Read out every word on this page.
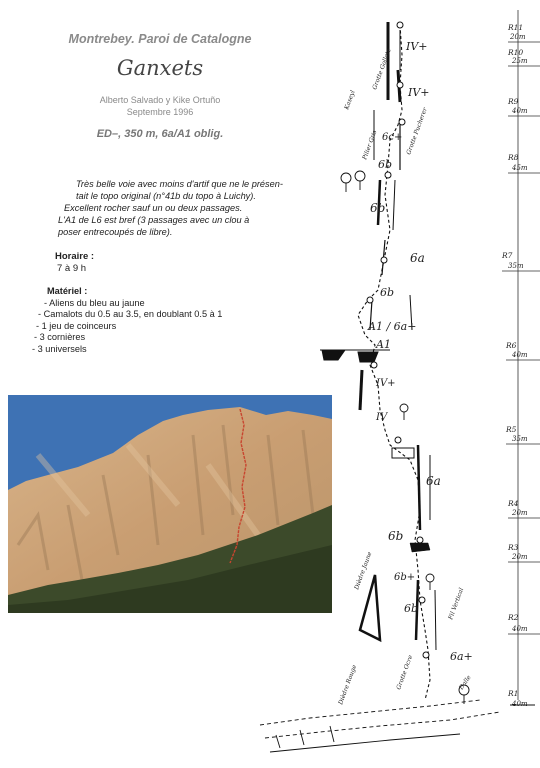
Montrebey. Paroi de Catalogne
Ganxets
Alberto Salvado y Kike Ortuño
Septembre 1996
ED–, 350 m, 6a/A1 oblig.

Très belle voie avec moins d'artif que ne le présen-

tait le topo original (n°41b du topo à Luichy).

Excellent rocher sauf un ou deux passages.

L'A1 de L6 est bref (3 passages avec un clou à

poser entrecoupés de libre).

Horaire :
7 à 9 h
Matériel :
- Aliens du bleu au jaune
- Camalots du 0.5 au 3.5, en doublant 0.5 à 1
- 1 jeu de coinceurs
- 3 cornières
- 3 universels
R11
20m
R10
25m
R9
40m
R8
45m
R7
35m
R6
40m
R5
35m
R4
20m
R3
20m
R2
40m
R1
40m
IV+
IV+
6c+
6b
6b
6a
6b
A1 / 6a+
A1
IV+
IV
6a
6b
6b+
6b
6a+
Kaseyl
Grotte Gollate
Pilier Gris	Grotte Pucherer
Dièdre Jaune
Dièdre Rouge	Grotte Ocre
Fil Vertical
Dalle
